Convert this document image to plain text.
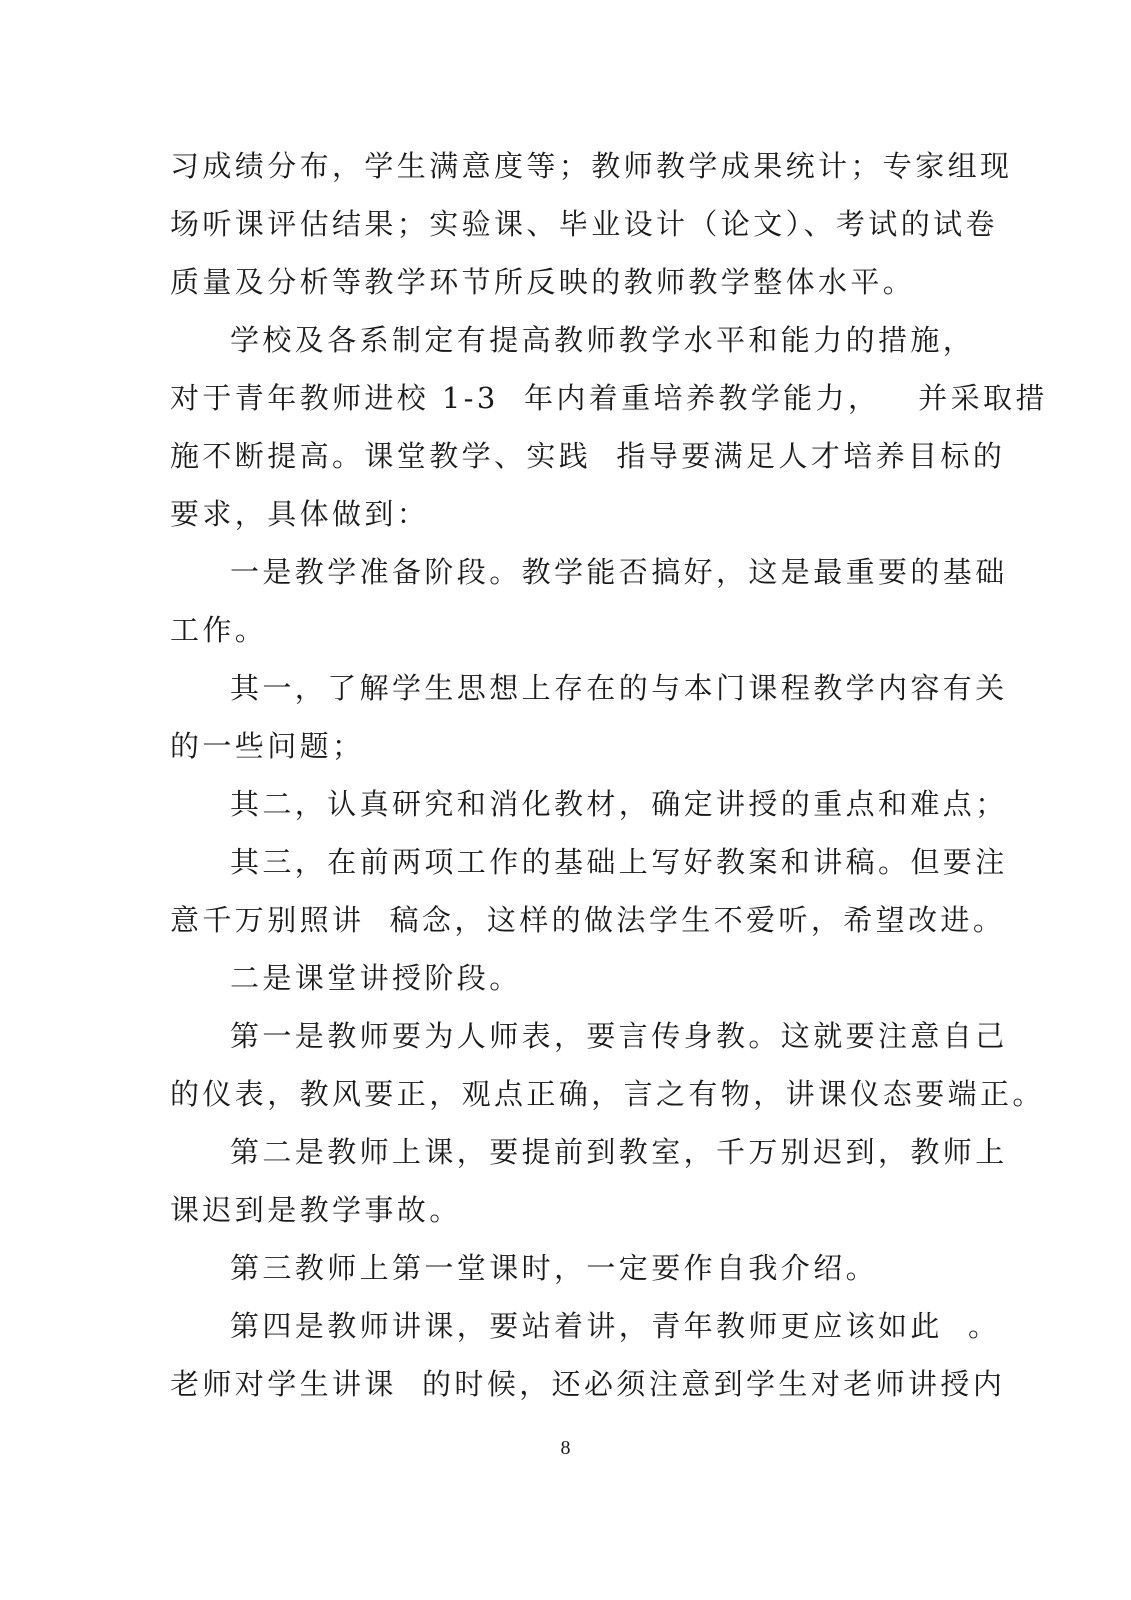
习成绩分布，学生满意度等；教师教学成果统计；专家组现
场听课评估结果；实验课、毕业设计（论文）、考试的试卷
质量及分析等教学环节所反映的教师教学整体水平。
学校及各系制定有提高教师教学水平和能力的措施，
对于青年教师进校 1-3  年内着重培养教学能力，   并采取措
施不断提高。课堂教学、实践  指导要满足人才培养目标的
要求，具体做到：
一是教学准备阶段。教学能否搞好，这是最重要的基础
工作。
其一，了解学生思想上存在的与本门课程教学内容有关
的一些问题；
其二，认真研究和消化教材，确定讲授的重点和难点；
其三，在前两项工作的基础上写好教案和讲稿。但要注
意千万别照讲  稿念，这样的做法学生不爱听，希望改进。
二是课堂讲授阶段。
第一是教师要为人师表，要言传身教。这就要注意自己
的仪表，教风要正，观点正确，言之有物，讲课仪态要端正。
第二是教师上课，要提前到教室，千万别迟到，教师上
课迟到是教学事故。
第三教师上第一堂课时，一定要作自我介绍。
第四是教师讲课，要站着讲，青年教师更应该如此  。
老师对学生讲课  的时候，还必须注意到学生对老师讲授内
8
